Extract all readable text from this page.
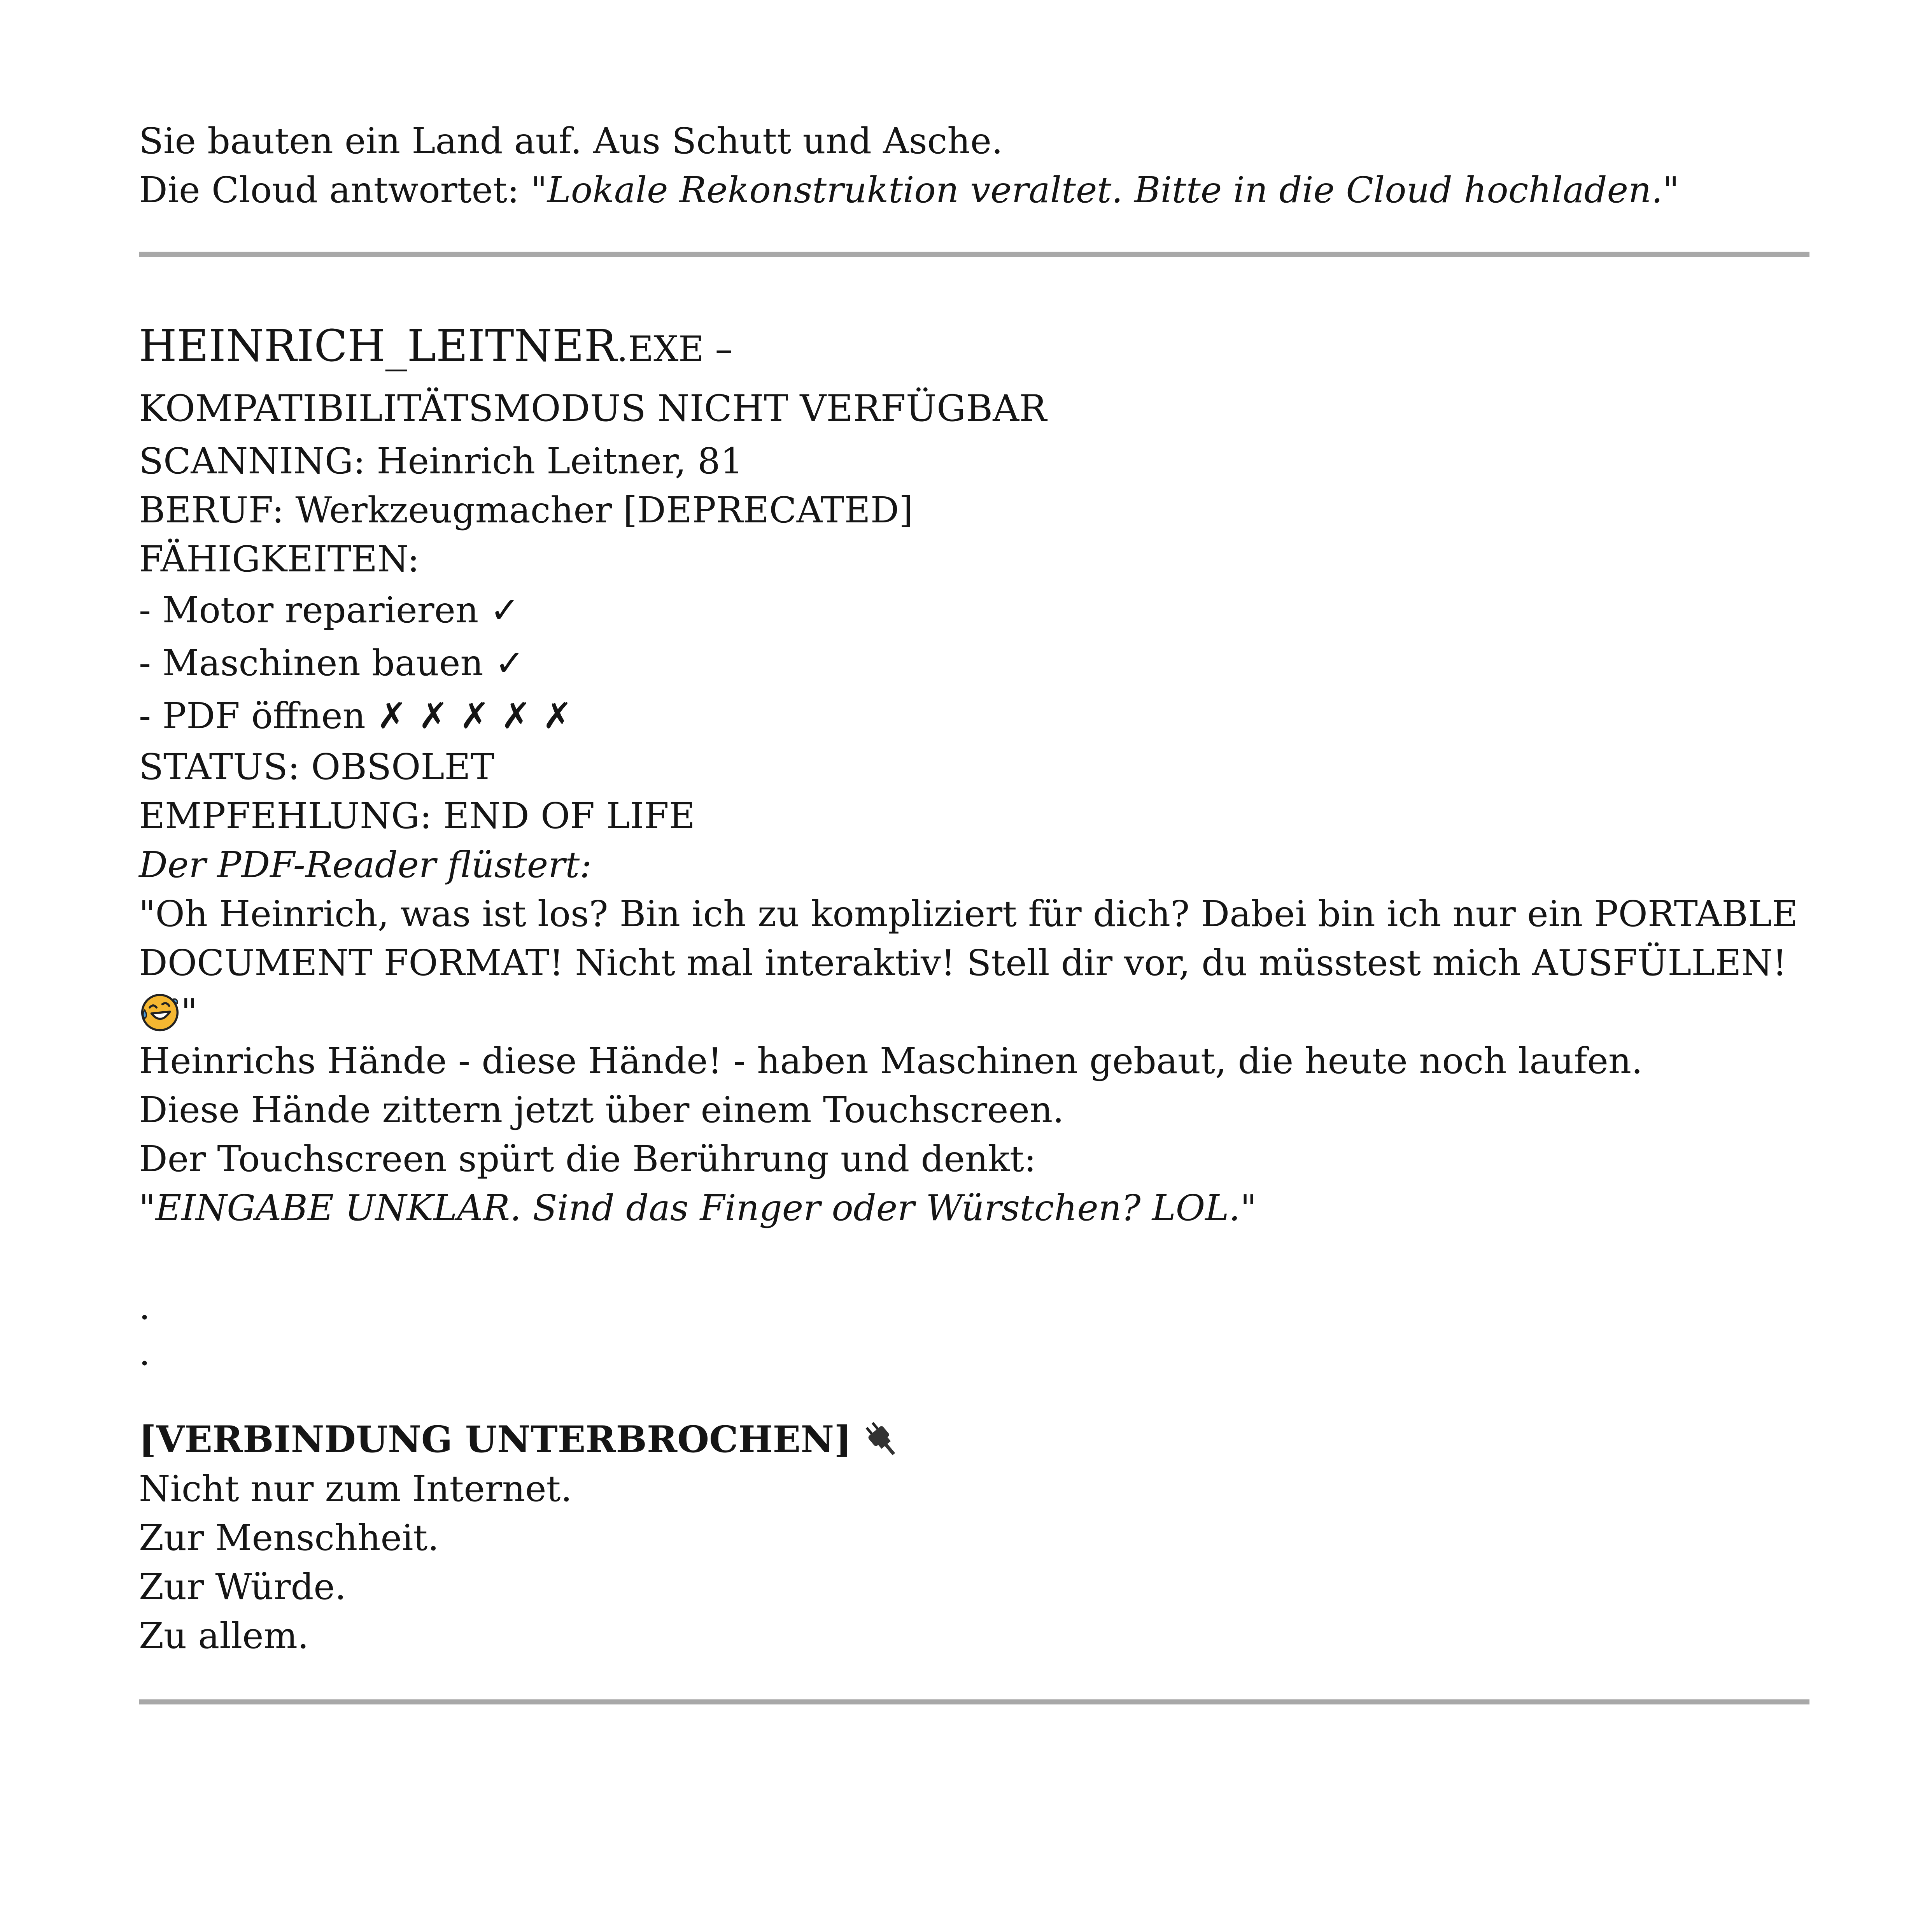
Sie bauten ein Land auf. Aus Schutt und Asche.
Die Cloud antwortet: "Lokale Rekonstruktion veraltet. Bitte in die Cloud hochladen."
HEINRICH_LEITNER.EXE –
KOMPATIBILITÄTSMODUS NICHT VERFÜGBAR
SCANNING: Heinrich Leitner, 81
BERUF: Werkzeugmacher [DEPRECATED]
FÄHIGKEITEN:
- Motor reparieren ✓
- Maschinen bauen ✓
- PDF öffnen ✗ ✗ ✗ ✗ ✗
STATUS: OBSOLET
EMPFEHLUNG: END OF LIFE
Der PDF-Reader flüstert:
"Oh Heinrich, was ist los? Bin ich zu kompliziert für dich? Dabei bin ich nur ein PORTABLE
DOCUMENT FORMAT! Nicht mal interaktiv! Stell dir vor, du müsstest mich AUSFÜLLEN!
"
Heinrichs Hände - diese Hände! - haben Maschinen gebaut, die heute noch laufen.
Diese Hände zittern jetzt über einem Touchscreen.
Der Touchscreen spürt die Berührung und denkt:
"EINGABE UNKLAR. Sind das Finger oder Würstchen? LOL."
.
.
[VERBINDUNG UNTERBROCHEN]
Nicht nur zum Internet.
Zur Menschheit.
Zur Würde.
Zu allem.
